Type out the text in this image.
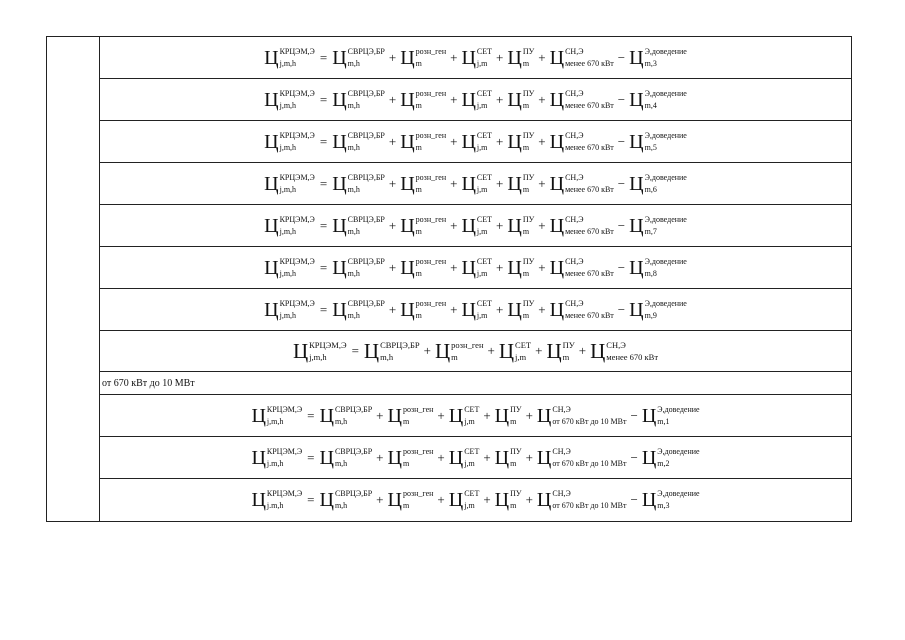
Ц КРЦЭМ,Э
j,m,h	= Ц СВРЦЭ,БР
m,h	+ Ц розн_ген
m	+ Ц СЕТ
j,m + Ц ПУ
m + Ц СН,Э
менее 670 кВт − Ц Э,доведение
m,3
Ц КРЦЭМ,Э
j,m,h	= Ц СВРЦЭ,БР
m,h	+ Ц розн_ген
m	+ Ц СЕТ
j,m + Ц ПУ
m + Ц СН,Э
менее 670 кВт − Ц Э,доведение
m,4
Ц КРЦЭМ,Э
j,m,h	= Ц СВРЦЭ,БР
m,h	+ Ц розн_ген
m	+ Ц СЕТ
j,m + Ц ПУ
m + Ц СН,Э
менее 670 кВт − Ц Э,доведение
m,5
Ц КРЦЭМ,Э
j,m,h	= Ц СВРЦЭ,БР
m,h	+ Ц розн_ген
m	+ Ц СЕТ
j,m + Ц ПУ
m + Ц СН,Э
менее 670 кВт − Ц Э,доведение
m,6
Ц КРЦЭМ,Э
j,m,h	= Ц СВРЦЭ,БР
m,h	+ Ц розн_ген
m	+ Ц СЕТ
j,m + Ц ПУ
m + Ц СН,Э
менее 670 кВт − Ц Э,доведение
m,7
Ц КРЦЭМ,Э
j,m,h	= Ц СВРЦЭ,БР
m,h	+ Ц розн_ген
m	+ Ц СЕТ
j,m + Ц ПУ
m + Ц СН,Э
менее 670 кВт − Ц Э,доведение
m,8
Ц КРЦЭМ,Э
j,m,h	= Ц СВРЦЭ,БР
m,h	+ Ц розн_ген
m	+ Ц СЕТ
j,m + Ц ПУ
m + Ц СН,Э
менее 670 кВт − Ц Э,доведение
m,9
Ц КРЦЭМ,Э
j,m,h	= Ц СВРЦЭ,БР
m,h	+ Ц розн_ген
m	+ Ц СЕТ
j,m + Ц ПУ
m + Ц СН,Э
менее 670 кВт
от 670 кВт до 10 МВт
Ц КРЦЭМ,Э
j,m,h	= Ц СВРЦЭ,БР
m,h	+ Ц розн_ген
m	+ Ц СЕТ
j,m + Ц ПУ
m + Ц СН,Э
от 670 кВт до 10 МВт − Ц Э,доведение
m,1
Ц КРЦЭМ,Э
j.m,h	= Ц СВРЦЭ,БР
m,h	+ Ц розн_ген
m	+ Ц СЕТ
j,m + Ц ПУ
m + Ц СН,Э
от 670 кВт до 10 МВт − Ц Э,доведение
m,2
Ц КРЦЭМ,Э
j.m,h	= Ц СВРЦЭ,БР
m,h	+ Ц розн_ген
m	+ Ц СЕТ
j,m + Ц ПУ
m + Ц СН,Э
от 670 кВт до 10 МВт − Ц Э,доведение
m,3
